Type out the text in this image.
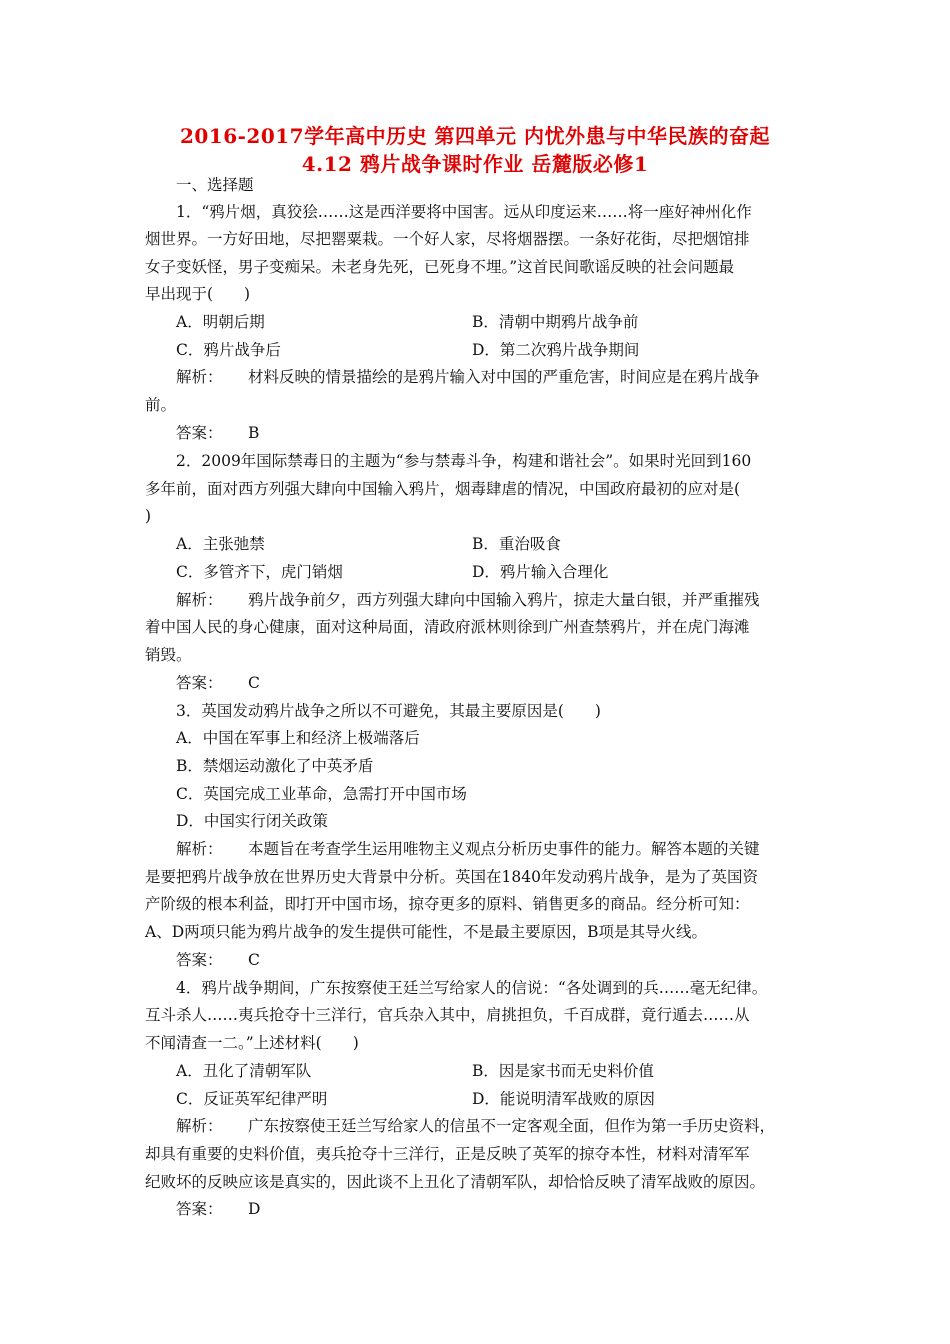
2016-2017学年高中历史 第四单元 内忧外患与中华民族的奋起
4.12 鸦片战争课时作业 岳麓版必修1
一、选择题
1．“鸦片烟，真狡狯……这是西洋要将中国害。远从印度运来……将一座好神州化作
烟世界。一方好田地，尽把罂粟栽。一个好人家，尽将烟器摆。一条好花街，尽把烟馆排
女子变妖怪，男子变痴呆。未老身先死，已死身不埋。”这首民间歌谣反映的社会问题最
早出现于(　　)
A．明朝后期	B．清朝中期鸦片战争前
C．鸦片战争后	D．第二次鸦片战争期间
解析： 材料反映的情景描绘的是鸦片输入对中国的严重危害，时间应是在鸦片战争
前。
答案： B
2．2009年国际禁毒日的主题为“参与禁毒斗争，构建和谐社会”。如果时光回到160
多年前，面对西方列强大肆向中国输入鸦片，烟毒肆虐的情况，中国政府最初的应对是(
)
A．主张弛禁	B．重治吸食
C．多管齐下，虎门销烟	D．鸦片输入合理化
解析： 鸦片战争前夕，西方列强大肆向中国输入鸦片，掠走大量白银，并严重摧残
着中国人民的身心健康，面对这种局面，清政府派林则徐到广州查禁鸦片，并在虎门海滩
销毁。
答案： C
3．英国发动鸦片战争之所以不可避免，其最主要原因是(　　)
A．中国在军事上和经济上极端落后
B．禁烟运动激化了中英矛盾
C．英国完成工业革命，急需打开中国市场
D．中国实行闭关政策
解析： 本题旨在考查学生运用唯物主义观点分析历史事件的能力。解答本题的关键
是要把鸦片战争放在世界历史大背景中分析。英国在1840年发动鸦片战争，是为了英国资
产阶级的根本利益，即打开中国市场，掠夺更多的原料、销售更多的商品。经分析可知：
A、D两项只能为鸦片战争的发生提供可能性，不是最主要原因，B项是其导火线。
答案： C
4．鸦片战争期间，广东按察使王廷兰写给家人的信说：“各处调到的兵……毫无纪律。
互斗杀人……夷兵抢夺十三洋行，官兵杂入其中，肩挑担负，千百成群，竟行遁去……从
不闻清查一二。”上述材料(　　)
A．丑化了清朝军队	B．因是家书而无史料价值
C．反证英军纪律严明	D．能说明清军战败的原因
解析： 广东按察使王廷兰写给家人的信虽不一定客观全面，但作为第一手历史资料，
却具有重要的史料价值，夷兵抢夺十三洋行，正是反映了英军的掠夺本性，材料对清军军
纪败坏的反映应该是真实的，因此谈不上丑化了清朝军队，却恰恰反映了清军战败的原因。
答案： D
